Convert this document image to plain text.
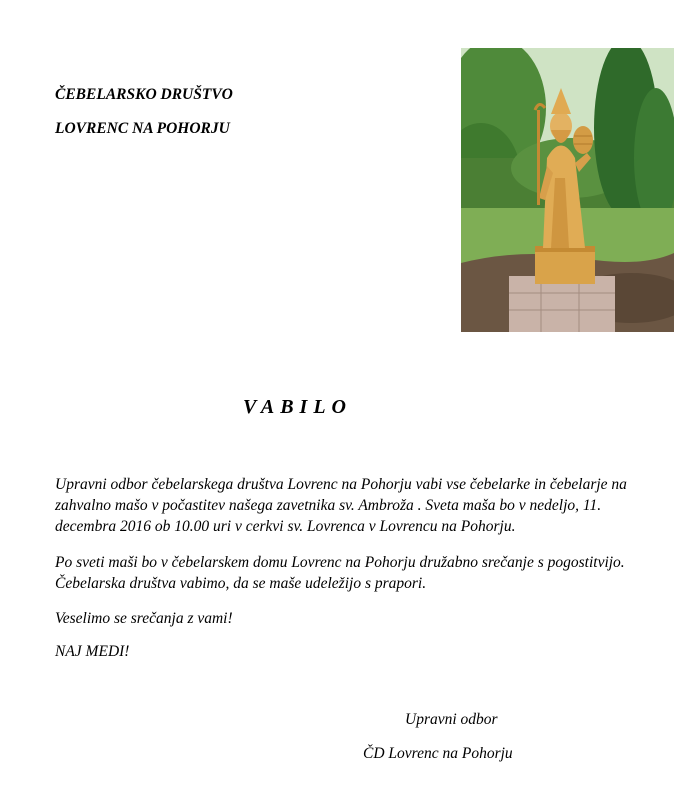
ČEBELARSKO DRUŠTVO
LOVRENC NA POHORJU
VABILO

Upravni odbor čebelarskega društva Lovrenc na Pohorju vabi vse čebelarke in čebelarje na zahvalno mašo v počastitev našega zavetnika sv. Ambroža . Sveta maša bo v nedeljo, 11. decembra 2016 ob 10.00 uri v cerkvi sv. Lovrenca v Lovrencu na Pohorju.

Po sveti maši bo v čebelarskem domu Lovrenc na Pohorju družabno srečanje s pogostitvijo. Čebelarska društva vabimo, da se maše udeležijo s prapori.

Veselimo se srečanja z vami!

NAJ MEDI!

Upravni odbor
ČD Lovrenc na Pohorju
